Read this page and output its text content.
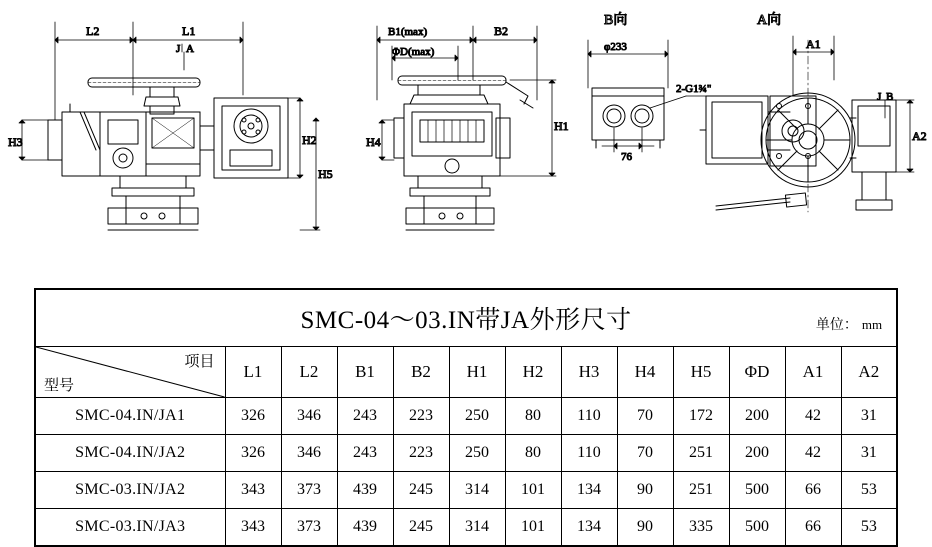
L2	L1
A
J
H3	H2
H5
B1(max)	B2
ΦD(max)
H1
H4
B向
φ233
76
2-G1¾"
A向
A1
B
J
A2
SMC-04～03.IN带JA外形尺寸 单位： mm												

项目
型号	L1	L2	B1	B2	H1	H2	H3	H4	H5	ΦD	A1	A2
SMC-04.IN/JA1	326	346	243	223	250	80	110	70	172	200	42	31
SMC-04.IN/JA2	326	346	243	223	250	80	110	70	251	200	42	31
SMC-03.IN/JA2	343	373	439	245	314	101	134	90	251	500	66	53
SMC-03.IN/JA3	343	373	439	245	314	101	134	90	335	500	66	53
